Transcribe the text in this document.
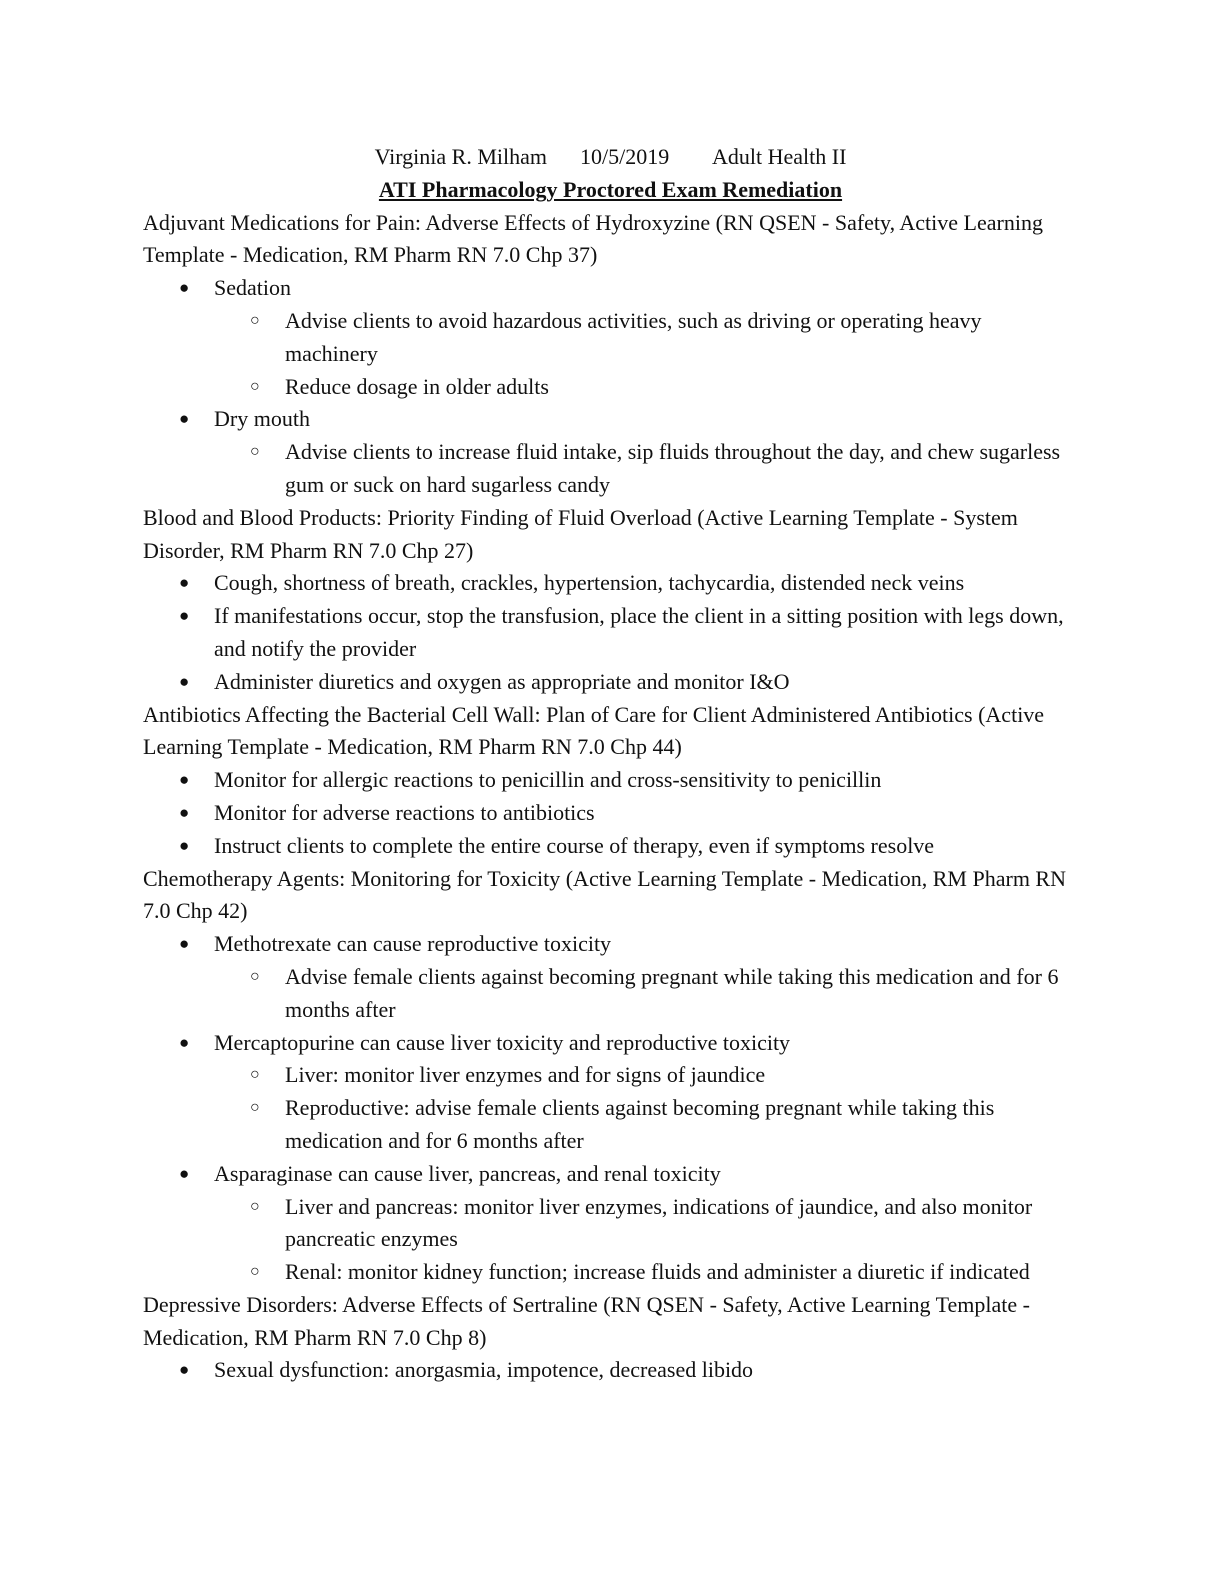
Virginia R. Milham 10/5/2019 Adult Health II
ATI Pharmacology Proctored Exam Remediation
Adjuvant Medications for Pain: Adverse Effects of Hydroxyzine (RN QSEN - Safety, Active Learning Template - Medication, RM Pharm RN 7.0 Chp 37)
● Sedation
○ Advise clients to avoid hazardous activities, such as driving or operating heavy machinery
○ Reduce dosage in older adults
● Dry mouth
○ Advise clients to increase fluid intake, sip fluids throughout the day, and chew sugarless gum or suck on hard sugarless candy
Blood and Blood Products: Priority Finding of Fluid Overload (Active Learning Template - System Disorder, RM Pharm RN 7.0 Chp 27)
● Cough, shortness of breath, crackles, hypertension, tachycardia, distended neck veins
● If manifestations occur, stop the transfusion, place the client in a sitting position with legs down, and notify the provider
● Administer diuretics and oxygen as appropriate and monitor I&O
Antibiotics Affecting the Bacterial Cell Wall: Plan of Care for Client Administered Antibiotics (Active Learning Template - Medication, RM Pharm RN 7.0 Chp 44)
● Monitor for allergic reactions to penicillin and cross-sensitivity to penicillin
● Monitor for adverse reactions to antibiotics
● Instruct clients to complete the entire course of therapy, even if symptoms resolve
Chemotherapy Agents: Monitoring for Toxicity (Active Learning Template - Medication, RM Pharm RN 7.0 Chp 42)
● Methotrexate can cause reproductive toxicity
○ Advise female clients against becoming pregnant while taking this medication and for 6 months after
● Mercaptopurine can cause liver toxicity and reproductive toxicity
○ Liver: monitor liver enzymes and for signs of jaundice
○ Reproductive: advise female clients against becoming pregnant while taking this medication and for 6 months after
● Asparaginase can cause liver, pancreas, and renal toxicity
○ Liver and pancreas: monitor liver enzymes, indications of jaundice, and also monitor pancreatic enzymes
○ Renal: monitor kidney function; increase fluids and administer a diuretic if indicated
Depressive Disorders: Adverse Effects of Sertraline (RN QSEN - Safety, Active Learning Template - Medication, RM Pharm RN 7.0 Chp 8)
● Sexual dysfunction: anorgasmia, impotence, decreased libido
